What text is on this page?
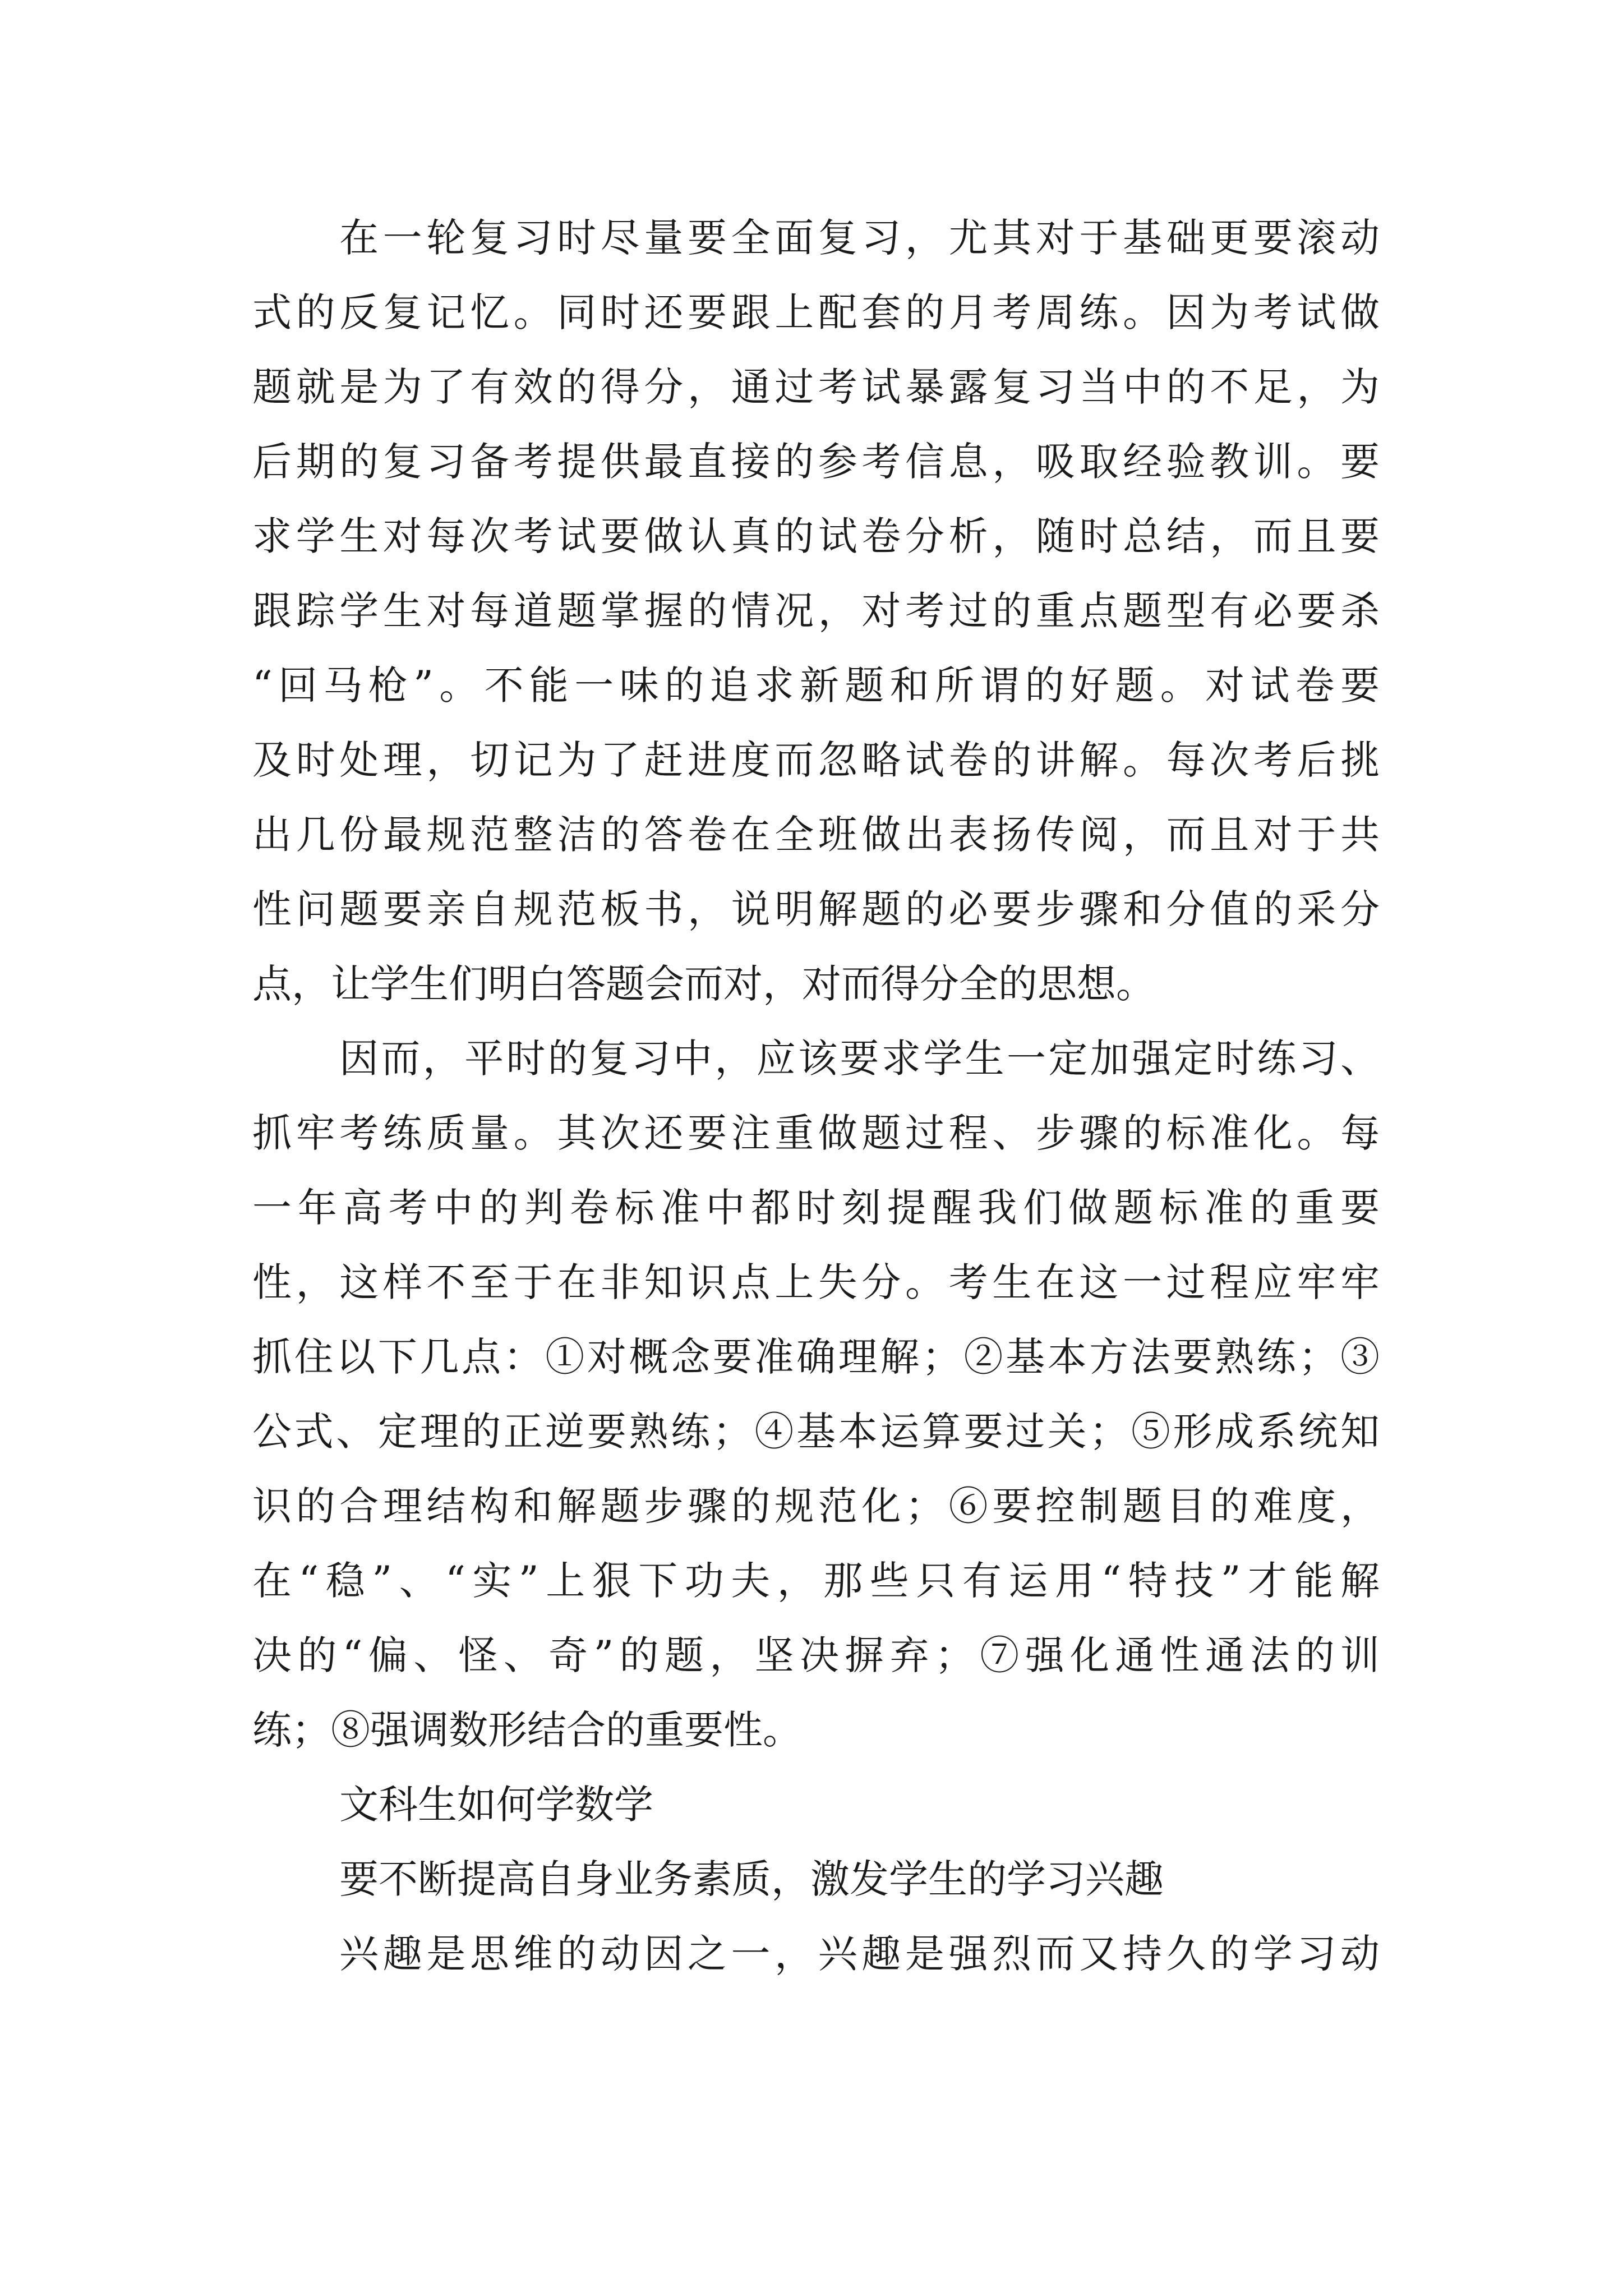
在一轮复习时尽量要全面复习，尤其对于基础更要滚动
式的反复记忆。同时还要跟上配套的月考周练。因为考试做
题就是为了有效的得分，通过考试暴露复习当中的不足，为
后期的复习备考提供最直接的参考信息，吸取经验教训。要
求学生对每次考试要做认真的试卷分析，随时总结，而且要
跟踪学生对每道题掌握的情况，对考过的重点题型有必要杀
“回马枪”。不能一味的追求新题和所谓的好题。对试卷要
及时处理，切记为了赶进度而忽略试卷的讲解。每次考后挑
出几份最规范整洁的答卷在全班做出表扬传阅，而且对于共
性问题要亲自规范板书，说明解题的必要步骤和分值的采分
点，让学生们明白答题会而对，对而得分全的思想。
因而，平时的复习中，应该要求学生一定加强定时练习、
抓牢考练质量。其次还要注重做题过程、步骤的标准化。每
一年高考中的判卷标准中都时刻提醒我们做题标准的重要
性，这样不至于在非知识点上失分。考生在这一过程应牢牢
抓住以下几点：①对概念要准确理解；②基本方法要熟练；③
公式、定理的正逆要熟练；④基本运算要过关；⑤形成系统知
识的合理结构和解题步骤的规范化；⑥要控制题目的难度，
在“稳”、“实”上狠下功夫，那些只有运用“特技”才能解
决的“偏、怪、奇”的题，坚决摒弃；⑦强化通性通法的训
练；⑧强调数形结合的重要性。
文科生如何学数学
要不断提高自身业务素质，激发学生的学习兴趣
兴趣是思维的动因之一，兴趣是强烈而又持久的学习动
